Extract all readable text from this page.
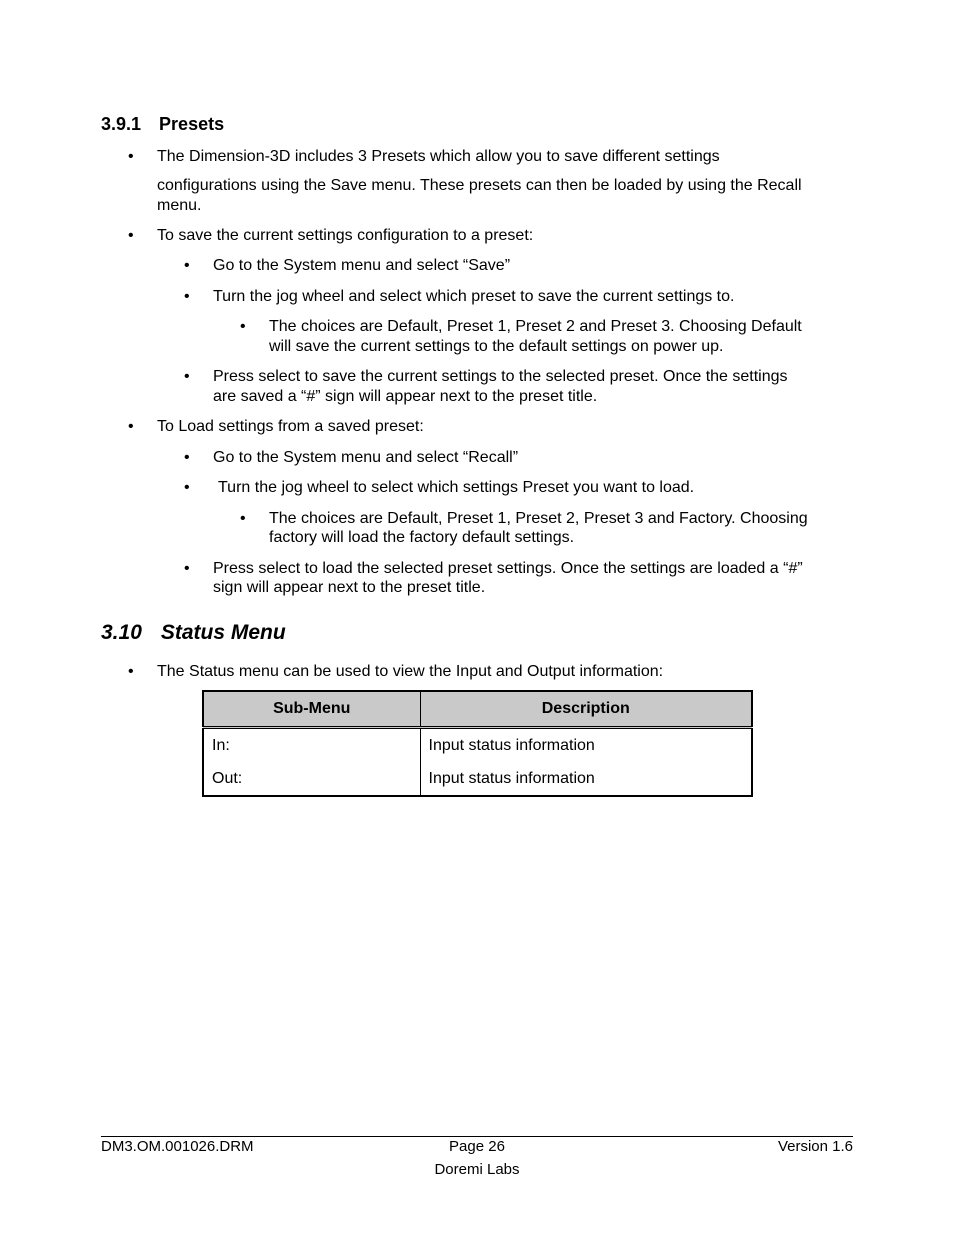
3.9.1 Presets
• The Dimension-3D includes 3 Presets which allow you to save different settings
configurations using the Save menu. These presets can then be loaded by using the Recall
menu.
• To save the current settings configuration to a preset:
• Go to the System menu and select “Save”
• Turn the jog wheel and select which preset to save the current settings to.
• The choices are Default, Preset 1, Preset 2 and Preset 3. Choosing Default
will save the current settings to the default settings on power up.
• Press select to save the current settings to the selected preset. Once the settings
are saved a “#” sign will appear next to the preset title.
• To Load settings from a saved preset:
• Go to the System menu and select “Recall”
• Turn the jog wheel to select which settings Preset you want to load.
• The choices are Default, Preset 1, Preset 2, Preset 3 and Factory. Choosing
factory will load the factory default settings.
• Press select to load the selected preset settings. Once the settings are loaded a “#”
sign will appear next to the preset title.
3.10 Status Menu
• The Status menu can be used to view the Input and Output information:
Sub-Menu	Description
In:	Input status information
Out:	Input status information
DM3.OM.001026.DRM	Page 26	Version 1.6
Doremi Labs
